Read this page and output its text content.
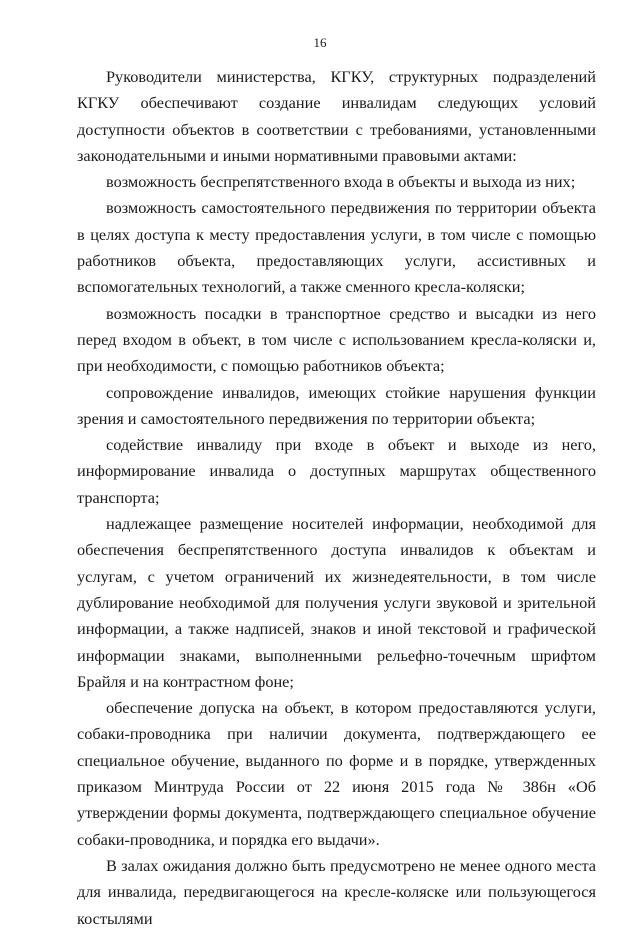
16

Руководители министерства, КГКУ, структурных подразделений КГКУ обеспечивают создание инвалидам следующих условий доступности объектов в соответствии с требованиями, установленными законодательными и иными нормативными правовыми актами:

возможность беспрепятственного входа в объекты и выхода из них;

возможность самостоятельного передвижения по территории объекта в целях доступа к месту предоставления услуги, в том числе с помощью работников объекта, предоставляющих услуги, ассистивных и вспомогательных технологий, а также сменного кресла-коляски;

возможность посадки в транспортное средство и высадки из него перед входом в объект, в том числе с использованием кресла-коляски и, при необходимости, с помощью работников объекта;

сопровождение инвалидов, имеющих стойкие нарушения функции зрения и самостоятельного передвижения по территории объекта;

содействие инвалиду при входе в объект и выходе из него, информирование инвалида о доступных маршрутах общественного транспорта;

надлежащее размещение носителей информации, необходимой для обеспечения беспрепятственного доступа инвалидов к объектам и услугам, с учетом ограничений их жизнедеятельности, в том числе дублирование необходимой для получения услуги звуковой и зрительной информации, а также надписей, знаков и иной текстовой и графической информации знаками, выполненными рельефно-точечным шрифтом Брайля и на контрастном фоне;

обеспечение допуска на объект, в котором предоставляются услуги, собаки-проводника при наличии документа, подтверждающего ее специальное обучение, выданного по форме и в порядке, утвержденных приказом Минтруда России от 22 июня 2015 года № 386н «Об утверждении формы документа, подтверждающего специальное обучение собаки-проводника, и порядка его выдачи».

В залах ожидания должно быть предусмотрено не менее одного места для инвалида, передвигающегося на кресле-коляске или пользующегося костылями
